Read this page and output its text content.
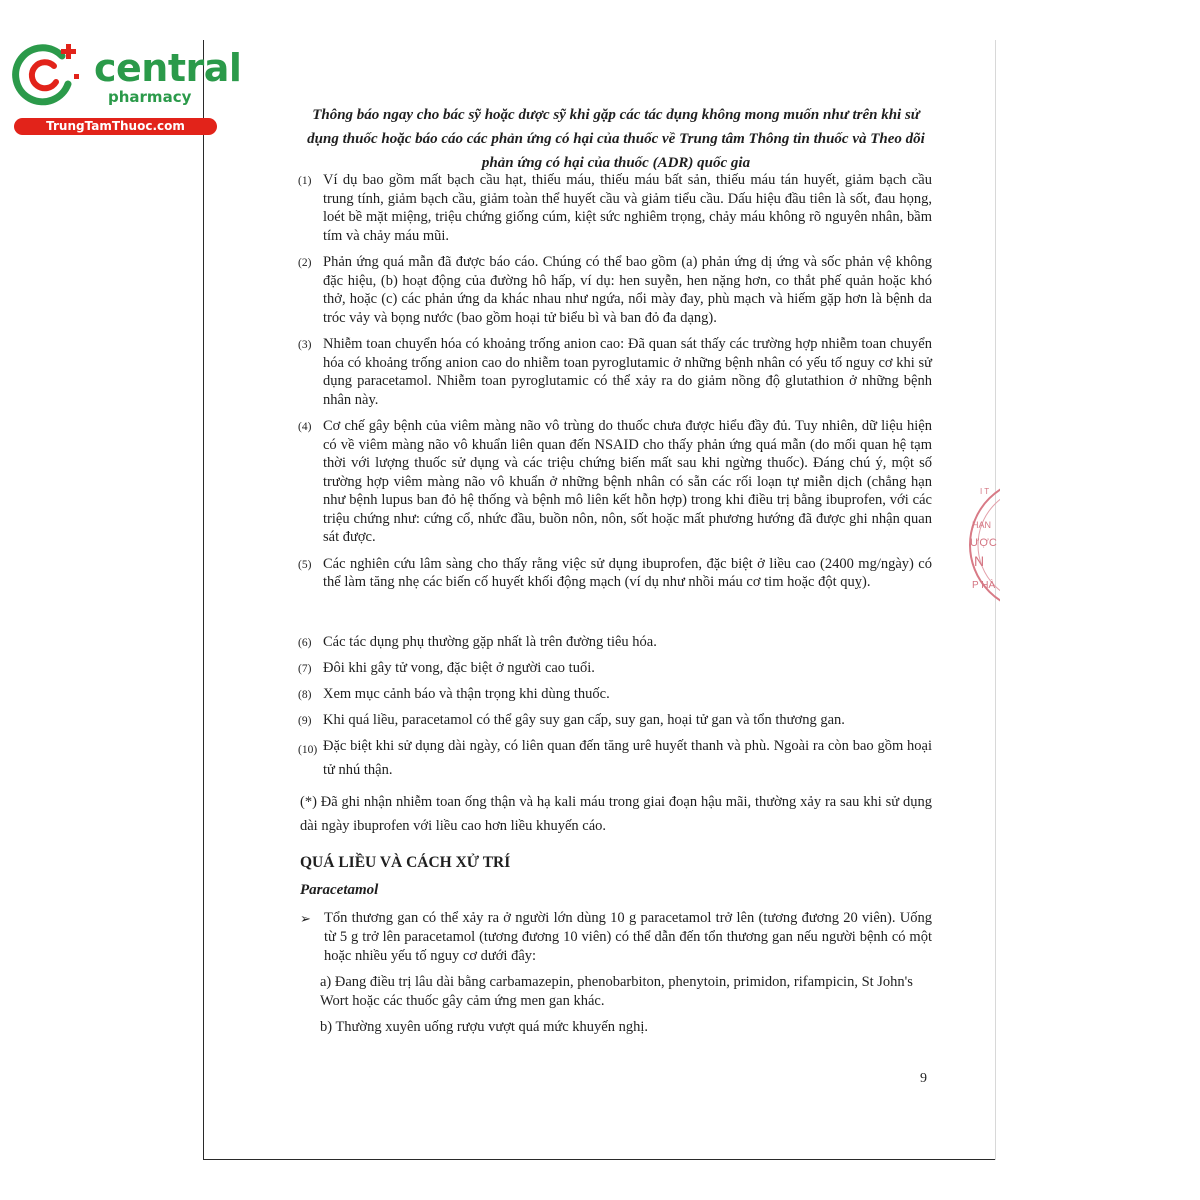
central
pharmacy
TrungTamThuoc.com
HAN
ƯỢC
N
P HÀ
I T
Thông báo ngay cho bác sỹ hoặc dược sỹ khi gặp các tác dụng không mong muốn như trên khi sử dụng thuốc hoặc báo cáo các phản ứng có hại của thuốc về Trung tâm Thông tin thuốc và Theo dõi phản ứng có hại của thuốc (ADR) quốc gia
(1) Ví dụ bao gồm mất bạch cầu hạt, thiếu máu, thiếu máu bất sản, thiếu máu tán huyết, giảm bạch cầu trung tính, giảm bạch cầu, giảm toàn thể huyết cầu và giảm tiểu cầu. Dấu hiệu đầu tiên là sốt, đau họng, loét bề mặt miệng, triệu chứng giống cúm, kiệt sức nghiêm trọng, chảy máu không rõ nguyên nhân, bầm tím và chảy máu mũi.
(2) Phản ứng quá mẫn đã được báo cáo. Chúng có thể bao gồm (a) phản ứng dị ứng và sốc phản vệ không đặc hiệu, (b) hoạt động của đường hô hấp, ví dụ: hen suyễn, hen nặng hơn, co thắt phế quản hoặc khó thở, hoặc (c) các phản ứng da khác nhau như ngứa, nổi mày đay, phù mạch và hiếm gặp hơn là bệnh da tróc vảy và bọng nước (bao gồm hoại tử biểu bì và ban đỏ đa dạng).
(3) Nhiễm toan chuyển hóa có khoảng trống anion cao: Đã quan sát thấy các trường hợp nhiễm toan chuyển hóa có khoảng trống anion cao do nhiễm toan pyroglutamic ở những bệnh nhân có yếu tố nguy cơ khi sử dụng paracetamol. Nhiễm toan pyroglutamic có thể xảy ra do giảm nồng độ glutathion ở những bệnh nhân này.
(4) Cơ chế gây bệnh của viêm màng não vô trùng do thuốc chưa được hiểu đầy đủ. Tuy nhiên, dữ liệu hiện có về viêm màng não vô khuẩn liên quan đến NSAID cho thấy phản ứng quá mẫn (do mối quan hệ tạm thời với lượng thuốc sử dụng và các triệu chứng biến mất sau khi ngừng thuốc). Đáng chú ý, một số trường hợp viêm màng não vô khuẩn ở những bệnh nhân có sẵn các rối loạn tự miễn dịch (chẳng hạn như bệnh lupus ban đỏ hệ thống và bệnh mô liên kết hỗn hợp) trong khi điều trị bằng ibuprofen, với các triệu chứng như: cứng cổ, nhức đầu, buồn nôn, nôn, sốt hoặc mất phương hướng đã được ghi nhận quan sát được.
(5) Các nghiên cứu lâm sàng cho thấy rằng việc sử dụng ibuprofen, đặc biệt ở liều cao (2400 mg/ngày) có thể làm tăng nhẹ các biến cố huyết khối động mạch (ví dụ như nhồi máu cơ tim hoặc đột quỵ).
(6) Các tác dụng phụ thường gặp nhất là trên đường tiêu hóa.
(7) Đôi khi gây tử vong, đặc biệt ở người cao tuổi.
(8) Xem mục cảnh báo và thận trọng khi dùng thuốc.
(9) Khi quá liều, paracetamol có thể gây suy gan cấp, suy gan, hoại tử gan và tổn thương gan.
(10) Đặc biệt khi sử dụng dài ngày, có liên quan đến tăng urê huyết thanh và phù. Ngoài ra còn bao gồm hoại tử nhú thận.
(*) Đã ghi nhận nhiễm toan ống thận và hạ kali máu trong giai đoạn hậu mãi, thường xảy ra sau khi sử dụng dài ngày ibuprofen với liều cao hơn liều khuyến cáo.
QUÁ LIỀU VÀ CÁCH XỬ TRÍ
Paracetamol
➢ Tổn thương gan có thể xảy ra ở người lớn dùng 10 g paracetamol trở lên (tương đương 20 viên). Uống từ 5 g trở lên paracetamol (tương đương 10 viên) có thể dẫn đến tổn thương gan nếu người bệnh có một hoặc nhiều yếu tố nguy cơ dưới đây:
a) Đang điều trị lâu dài bằng carbamazepin, phenobarbiton, phenytoin, primidon, rifampicin, St John's Wort hoặc các thuốc gây cảm ứng men gan khác.
b) Thường xuyên uống rượu vượt quá mức khuyến nghị.
9
